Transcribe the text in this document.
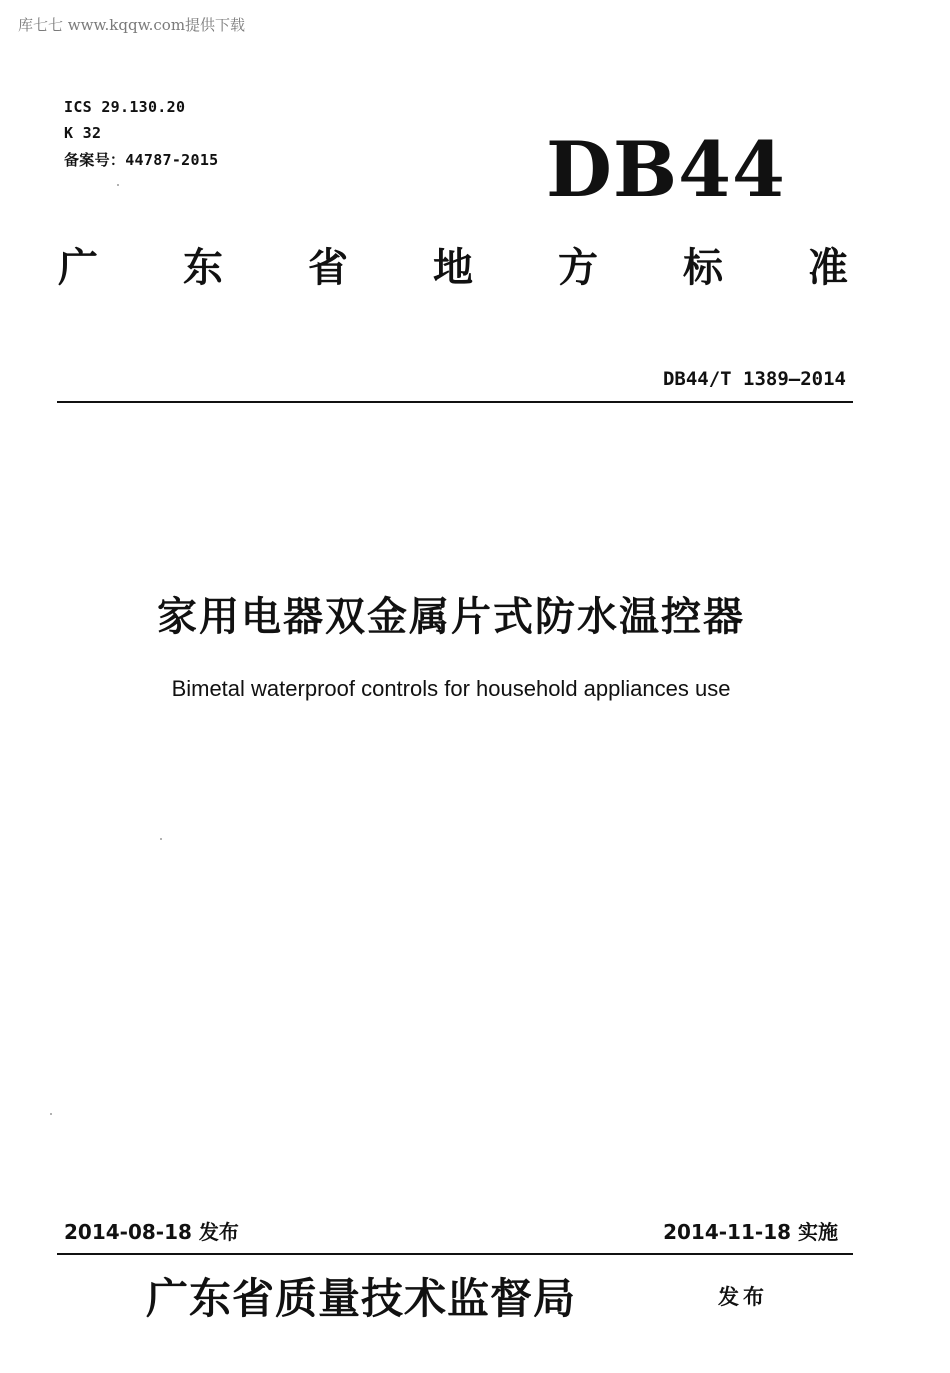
库七七 www.kqqw.com提供下载
ICS 29.130.20
K 32
备案号：44787-2015	DB44
广 东 省 地 方 标 准
DB44/T 1389—2014
家用电器双金属片式防水温控器
Bimetal waterproof controls for household appliances use
2014-08-18 发布	2014-11-18 实施
广东省质量技术监督局	发布
